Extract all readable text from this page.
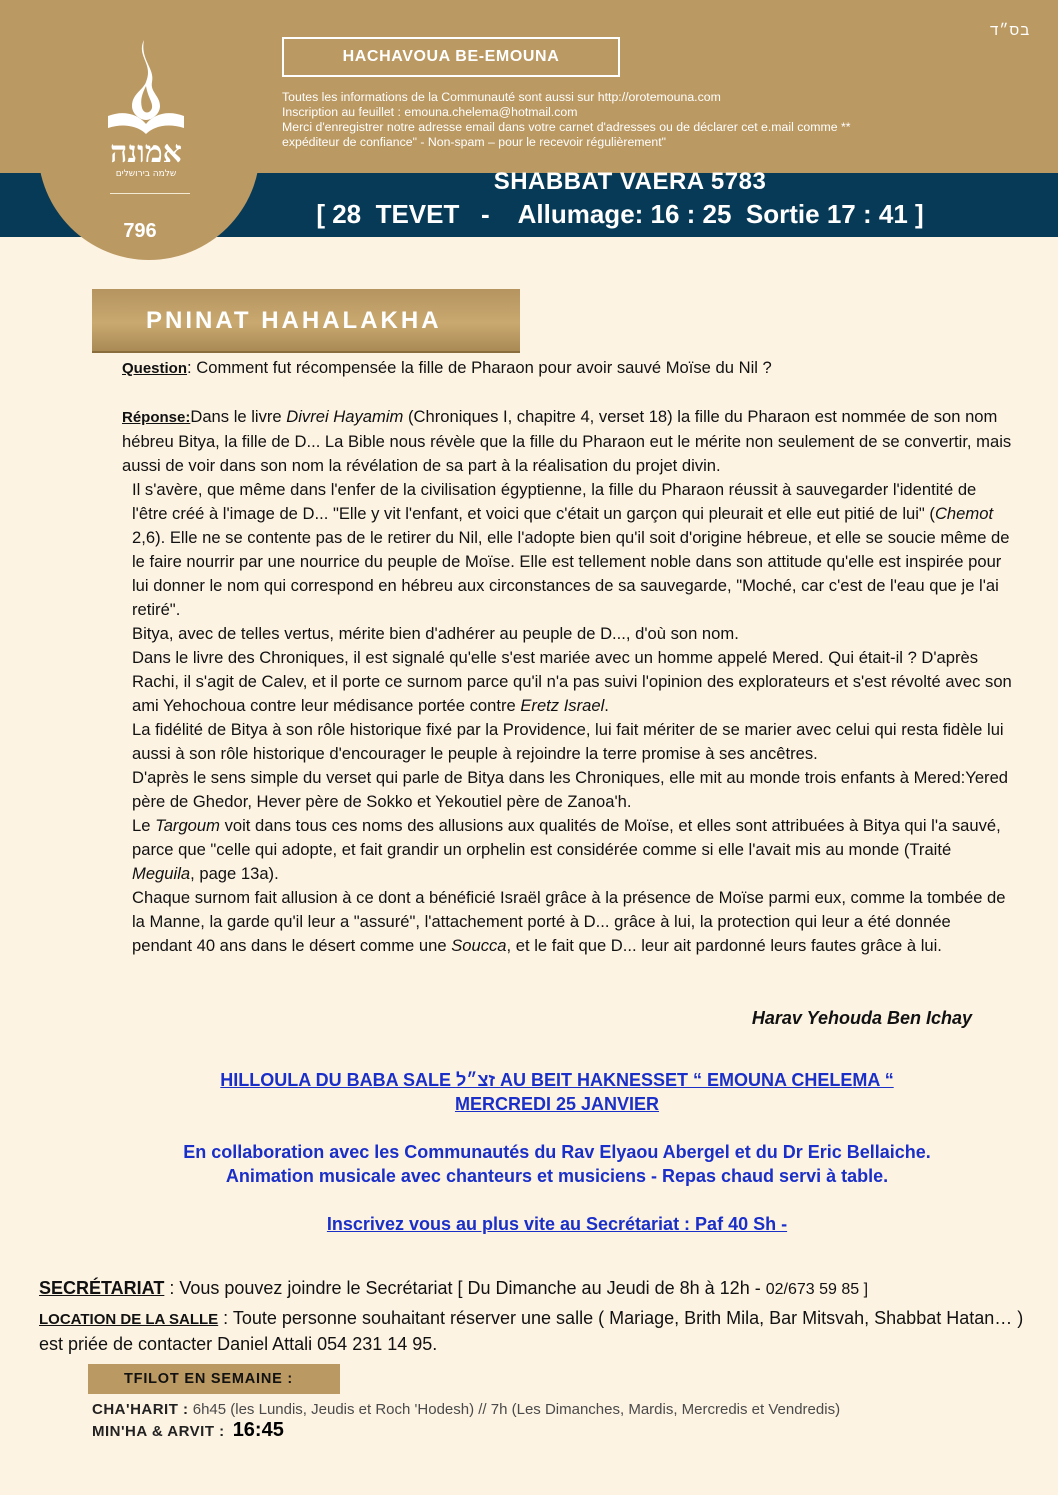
אמונה
שלמה בירושלים
796
בס״ד
HACHAVOUA BE-EMOUNA
Toutes les informations de la Communauté sont aussi sur http://orotemouna.com
Inscription au feuillet : emouna.chelema@hotmail.com
Merci d'enregistrer notre adresse email dans votre carnet d'adresses ou de déclarer cet e.mail comme **
expéditeur de confiance" - Non-spam – pour le recevoir régulièrement"
SHABBAT VAERA 5783
[ 28  TEVET   -    Allumage: 16 : 25  Sortie 17 : 41 ]
PNINAT HAHALAKHA

Question: Comment fut récompensée la fille de Pharaon pour avoir sauvé Moïse du Nil ?

Réponse:Dans le livre Divrei Hayamim (Chroniques I, chapitre 4, verset 18) la fille du Pharaon est nommée de son nom hébreu Bitya, la fille de D... La Bible nous révèle que la fille du Pharaon eut le mérite non seulement de se convertir, mais aussi de voir dans son nom la révélation de sa part à la réalisation du projet divin.

Il s'avère, que même dans l'enfer de la civilisation égyptienne, la fille du Pharaon réussit à sauvegarder l'identité de l'être créé à l'image de D... "Elle y vit l'enfant, et voici que c'était un garçon qui pleurait et elle eut pitié de lui" (Chemot 2,6). Elle ne se contente pas de le retirer du Nil, elle l'adopte bien qu'il soit d'origine hébreue, et elle se soucie même de le faire nourrir par une nourrice du peuple de Moïse. Elle est tellement noble dans son attitude qu'elle est inspirée pour lui donner le nom qui correspond en hébreu aux circonstances de sa sauvegarde, "Moché, car c'est de l'eau que je l'ai retiré".

Bitya, avec de telles vertus, mérite bien d'adhérer au peuple de D..., d'où son nom.

Dans le livre des Chroniques, il est signalé qu'elle s'est mariée avec un homme appelé Mered. Qui était-il ? D'après Rachi, il s'agit de Calev, et il porte ce surnom parce qu'il n'a pas suivi l'opinion des explorateurs et s'est révolté avec son ami Yehochoua contre leur médisance portée contre Eretz Israel.

La fidélité de Bitya à son rôle historique fixé par la Providence, lui fait mériter de se marier avec celui qui resta fidèle lui aussi à son rôle historique d'encourager le peuple à rejoindre la terre promise à ses ancêtres.

D'après le sens simple du verset qui parle de Bitya dans les Chroniques, elle mit au monde trois enfants à Mered:Yered père de Ghedor, Hever père de Sokko et Yekoutiel père de Zanoa'h.

Le Targoum voit dans tous ces noms des allusions aux qualités de Moïse, et elles sont attribuées à Bitya qui l'a sauvé, parce que "celle qui adopte, et fait grandir un orphelin est considérée comme si elle l'avait mis au monde (Traité Meguila, page 13a).

Chaque surnom fait allusion à ce dont a bénéficié Israël grâce à la présence de Moïse parmi eux, comme la tombée de la Manne, la garde qu'il leur a "assuré", l'attachement porté à D... grâce à lui, la protection qui leur a été donnée pendant 40 ans dans le désert comme une Soucca, et le fait que D... leur ait pardonné leurs fautes grâce à lui.

Harav Yehouda Ben Ichay
HILLOULA DU BABA SALE זצ״ל AU BEIT HAKNESSET “ EMOUNA CHELEMA “
MERCREDI 25 JANVIER

En collaboration avec les Communautés du Rav Elyaou Abergel et du Dr Eric Bellaiche.
Animation musicale avec chanteurs et musiciens - Repas chaud servi à table.

Inscrivez vous au plus vite au Secrétariat : Paf 40 Sh -

SECRÉTARIAT : Vous pouvez joindre le Secrétariat [ Du Dimanche au Jeudi de 8h à 12h - 02/673 59 85 ]

LOCATION DE LA SALLE : Toute personne souhaitant réserver une salle ( Mariage, Brith Mila, Bar Mitsvah, Shabbat Hatan… ) est priée de contacter Daniel Attali 054 231 14 95.

TFILOT EN SEMAINE :
CHA'HARIT : 6h45 (les Lundis, Jeudis et Roch 'Hodesh) // 7h (Les Dimanches, Mardis, Mercredis et Vendredis)
MIN'HA & ARVIT : 16:45
